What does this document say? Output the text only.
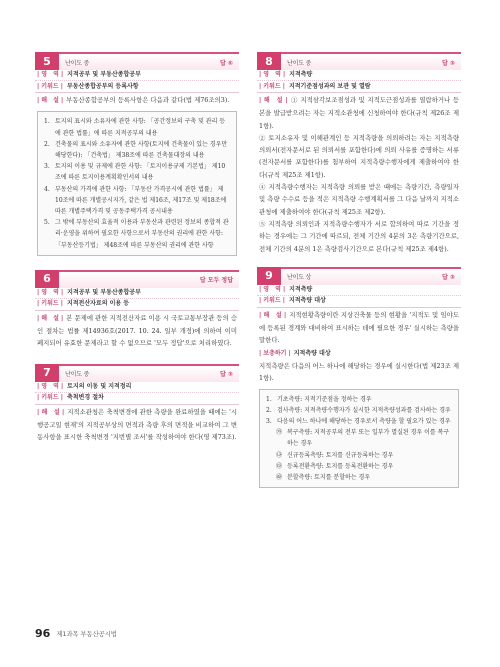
5	난이도 중	답 ⑤
| 영　역 | 지적공부 및 부동산종합공부
| 키워드 | 부동산종합공부의 등록사항
| 해　설 | 부동산종합공부의 등록사항은 다음과 같다(법 제76조의3).
1. 토지의 표시와 소유자에 관한 사항: 「공간정보의 구축 및 관리 등에 관한 법률」에 따른 지적공부의 내용
2. 건축물의 표시와 소유자에 관한 사항(토지에 건축물이 있는 경우만 해당한다): 「건축법」 제38조에 따른 건축물대장의 내용
3. 토지의 이용 및 규제에 관한 사항: 「토지이용규제 기본법」 제10조에 따른 토지이용계획확인서의 내용
4. 부동산의 가격에 관한 사항: 「부동산 가격공시에 관한 법률」 제10조에 따른 개별공시지가, 같은 법 제16조, 제17조 및 제18조에 따른 개별주택가격 및 공동주택가격 공시내용
5. 그 밖에 부동산의 효율적 이용과 부동산과 관련된 정보의 종합적 관리·운영을 위하여 필요한 사항으로서 부동산의 권리에 관한 사항: 「부동산등기법」 제48조에 따른 부동산의 권리에 관한 사항
6	답 모두 정답
| 영　역 | 지적공부 및 부동산종합공부
| 키워드 | 지적전산자료의 이용 등
| 해　설 | 본 문제에 관한 지적전산자료 이용 시 국토교통부장관 등의 승인 절차는 법률 제14936호(2017. 10. 24. 일부 개정)에 의하여 이미 폐지되어 유효한 문제라고 할 수 없으므로 '모두 정답'으로 처리하였다.
7	난이도 중	답 ③
| 영　역 | 토지의 이동 및 지적정리
| 키워드 | 축척변경 절차
| 해　설 | 지적소관청은 축척변경에 관한 측량을 완료하였을 때에는 '시행공고일 현재'의 지적공부상의 면적과 측량 후의 면적을 비교하여 그 변동사항을 표시한 축척변경 '지번별 조서'를 작성하여야 한다(영 제73조).
8	난이도 중	답 ③
| 영　역 | 지적측량
| 키워드 | 지적기준점성과의 보관 및 열람
| 해　설 | ① 지적삼각보조점성과 및 지적도근점성과를 열람하거나 등본을 발급받으려는 자는 지적소관청에 신청하여야 한다(규칙 제26조 제1항).
② 토지소유자 및 이해관계인 등 지적측량을 의뢰하려는 자는 지적측량 의뢰서(전자문서로 된 의뢰서를 포함한다)에 의뢰 사유를 증명하는 서류(전자문서를 포함한다)를 첨부하여 지적측량수행자에게 제출하여야 한다(규칙 제25조 제1항).
④ 지적측량수행자는 지적측량 의뢰를 받은 때에는 측량기간, 측량일자 및 측량 수수료 등을 적은 지적측량 수행계획서를 그 다음 날까지 지적소관청에 제출하여야 한다(규칙 제25조 제2항).
⑤ 지적측량 의뢰인과 지적측량수행자가 서로 합의하여 따로 기간을 정하는 경우에는 그 기간에 따르되, 전체 기간의 4분의 3은 측량기간으로, 전체 기간의 4분의 1은 측량검사기간으로 본다(규칙 제25조 제4항).
9	난이도 상	답 ③
| 영　역 | 지적측량
| 키워드 | 지적측량 대상
| 해　설 | 지적현황측량이란 지상건축물 등의 현황을 '지적도 및 임야도에 등록된 경계와 대비하여 표시하는 데에 필요한 경우' 실시하는 측량을 말한다.
| 보충하기 | 지적측량 대상
지적측량은 다음의 어느 하나에 해당하는 경우에 실시한다(법 제23조 제1항).
1. 기초측량: 지적기준점을 정하는 경우
2. 검사측량: 지적측량수행자가 실시한 지적측량성과를 검사하는 경우
3. 다음의 어느 하나에 해당하는 경우로서 측량을 할 필요가 있는 경우
㉮ 복구측량: 지적공부의 전부 또는 일부가 멸실된 경우 이를 복구하는 경우
㉯ 신규등록측량: 토지를 신규등록하는 경우
㉰ 등록전환측량: 토지를 등록전환하는 경우
㉱ 분할측량: 토지를 분할하는 경우
96 제1과목 부동산공시법
